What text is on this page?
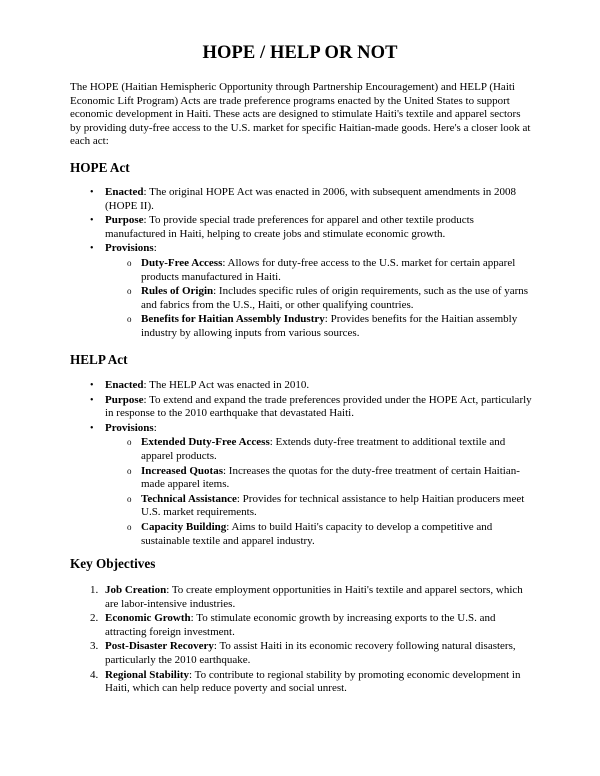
HOPE / HELP OR NOT

The HOPE (Haitian Hemispheric Opportunity through Partnership Encouragement) and HELP (Haiti Economic Lift Program) Acts are trade preference programs enacted by the United States to support economic development in Haiti. These acts are designed to stimulate Haiti's textile and apparel sectors by providing duty-free access to the U.S. market for specific Haitian-made goods. Here's a closer look at each act:

HOPE Act
• Enacted: The original HOPE Act was enacted in 2006, with subsequent amendments in 2008 (HOPE II).
• Purpose: To provide special trade preferences for apparel and other textile products manufactured in Haiti, helping to create jobs and stimulate economic growth.
• Provisions:
o Duty-Free Access: Allows for duty-free access to the U.S. market for certain apparel products manufactured in Haiti.
o Rules of Origin: Includes specific rules of origin requirements, such as the use of yarns and fabrics from the U.S., Haiti, or other qualifying countries.
o Benefits for Haitian Assembly Industry: Provides benefits for the Haitian assembly industry by allowing inputs from various sources.
HELP Act
• Enacted: The HELP Act was enacted in 2010.
• Purpose: To extend and expand the trade preferences provided under the HOPE Act, particularly in response to the 2010 earthquake that devastated Haiti.
• Provisions:
o Extended Duty-Free Access: Extends duty-free treatment to additional textile and apparel products.
o Increased Quotas: Increases the quotas for the duty-free treatment of certain Haitian-made apparel items.
o Technical Assistance: Provides for technical assistance to help Haitian producers meet U.S. market requirements.
o Capacity Building: Aims to build Haiti's capacity to develop a competitive and sustainable textile and apparel industry.
Key Objectives
1. Job Creation: To create employment opportunities in Haiti's textile and apparel sectors, which are labor-intensive industries.
2. Economic Growth: To stimulate economic growth by increasing exports to the U.S. and attracting foreign investment.
3. Post-Disaster Recovery: To assist Haiti in its economic recovery following natural disasters, particularly the 2010 earthquake.
4. Regional Stability: To contribute to regional stability by promoting economic development in Haiti, which can help reduce poverty and social unrest.
